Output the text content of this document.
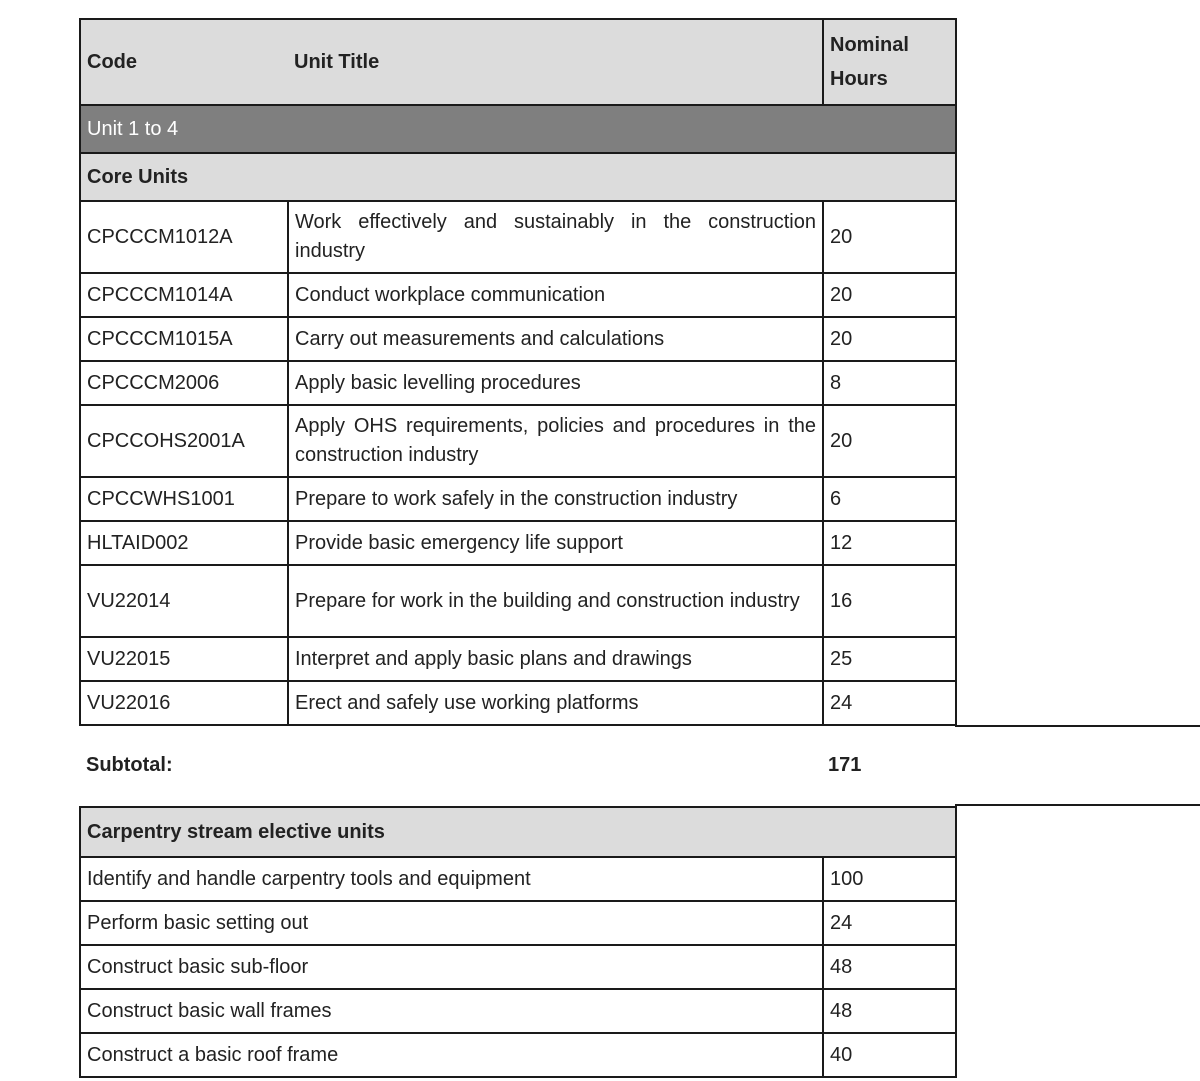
Code	Unit Title	Nominal Hours
Unit 1 to 4		
Core Units		
CPCCCM1012A	Work effectively and sustainably in the construction industry	20
CPCCCM1014A	Conduct workplace communication	20
CPCCCM1015A	Carry out measurements and calculations	20
CPCCCM2006	Apply basic levelling procedures	8
CPCCOHS2001A	Apply OHS requirements, policies and procedures in the construction industry	20
CPCCWHS1001	Prepare to work safely in the construction industry	6
HLTAID002	Provide basic emergency life support	12
VU22014	Prepare for work in the building and construction industry	16
VU22015	Interpret and apply basic plans and drawings	25
VU22016	Erect and safely use working platforms	24
Subtotal:	171
Carpentry stream elective units	
Identify and handle carpentry tools and equipment	100
Perform basic setting out	24
Construct basic sub-floor	48
Construct basic wall frames	48
Construct a basic roof frame	40
